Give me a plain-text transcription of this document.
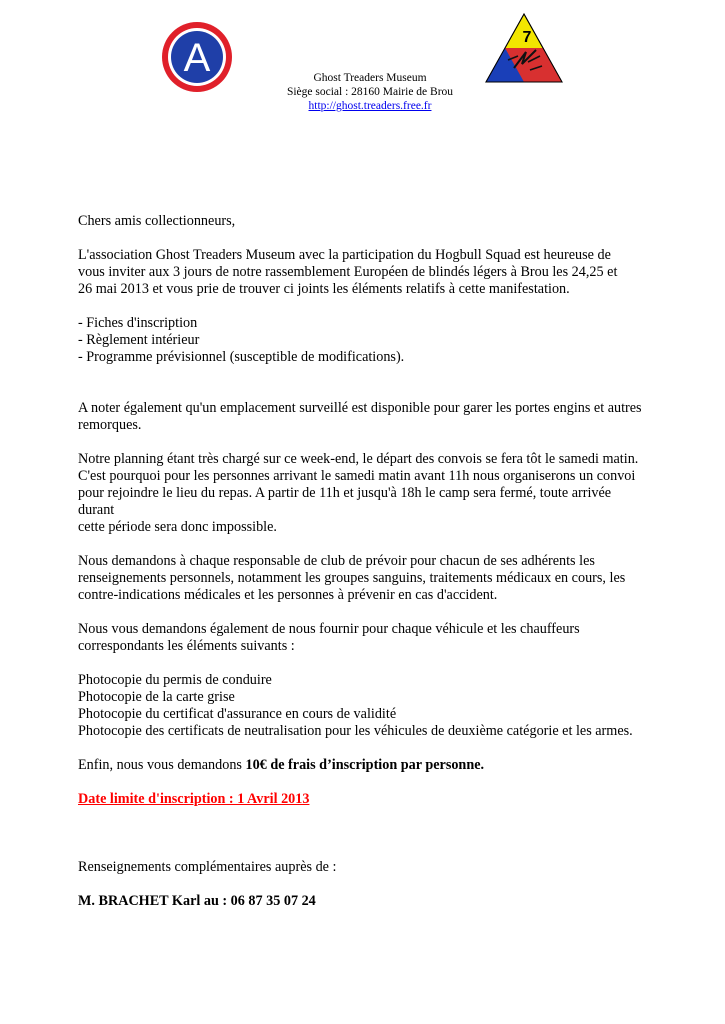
A	7
Ghost Treaders Museum
Siège social : 28160 Mairie de Brou
http://ghost.treaders.free.fr

Chers amis collectionneurs,

L'association Ghost Treaders Museum avec la participation du Hogbull Squad est heureuse de

vous inviter aux 3 jours de notre rassemblement Européen de blindés légers à Brou les 24,25 et

26 mai 2013 et vous prie de trouver ci joints les éléments relatifs à cette manifestation.

- Fiches d'inscription

- Règlement intérieur

- Programme prévisionnel (susceptible de modifications).

A noter également qu'un emplacement surveillé est disponible pour garer les portes engins et autres

remorques.

Notre planning étant très chargé sur ce week-end, le départ des convois se fera tôt le samedi matin.

C'est pourquoi pour les personnes arrivant le samedi matin avant 11h nous organiserons un convoi

pour rejoindre le lieu du repas. A partir de 11h et jusqu'à 18h le camp sera fermé, toute arrivée durant

cette période sera donc impossible.

Nous demandons à chaque responsable de club de prévoir pour chacun de ses adhérents les

renseignements personnels, notamment les groupes sanguins, traitements médicaux en cours, les

contre-indications médicales et les personnes à prévenir en cas d'accident.

Nous vous demandons également de nous fournir pour chaque véhicule et les chauffeurs

correspondants les éléments suivants :

Photocopie du permis de conduire

Photocopie de la carte grise

Photocopie du certificat d'assurance en cours de validité

Photocopie des certificats de neutralisation pour les véhicules de deuxième catégorie et les armes.

Enfin, nous vous demandons 10€ de frais d’inscription par personne.

Date limite d'inscription : 1 Avril 2013

Renseignements complémentaires auprès de :

M. BRACHET Karl au : 06 87 35 07 24
